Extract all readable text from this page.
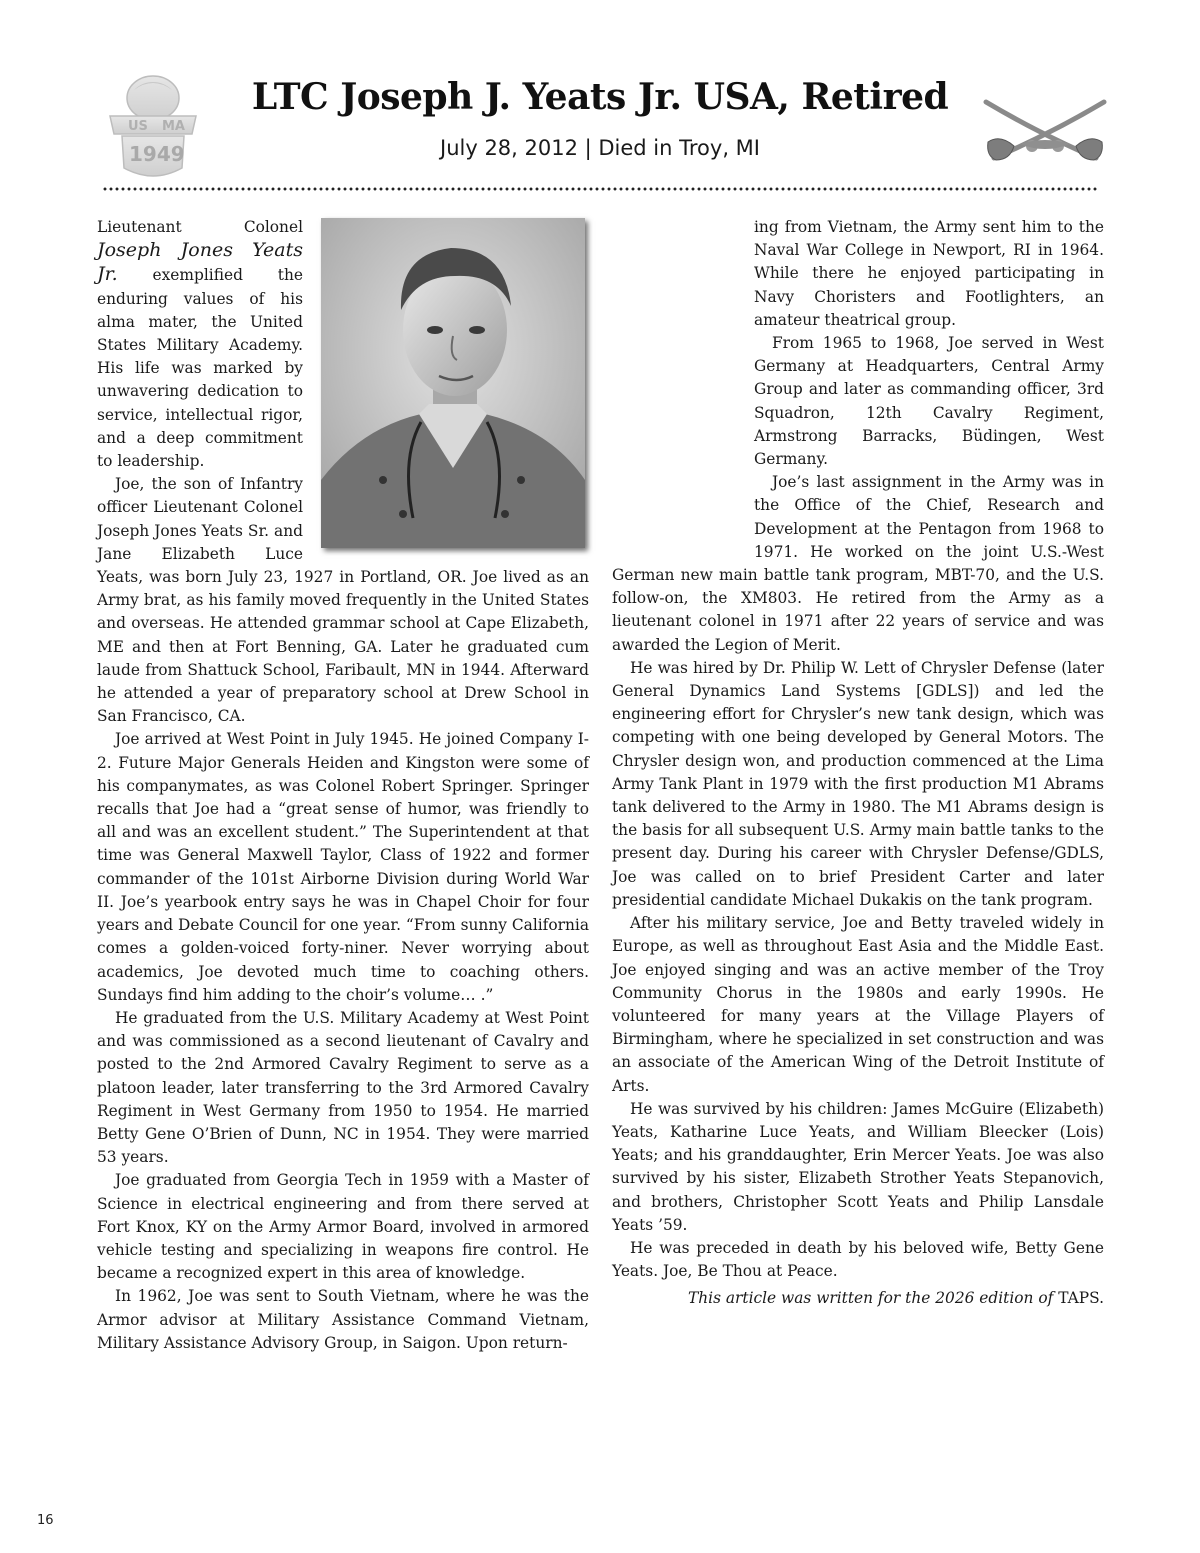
US MA
1949
LTC Joseph J. Yeats Jr. USA, Retired
July 28, 2012 | Died in Troy, MI

Lieutenant Colonel Joseph Jones Yeats Jr. exemplified the enduring values of his alma mater, the United States Military Academy. His life was marked by unwavering dedication to service, intellectual rigor, and a deep commitment to leadership.

Joe, the son of Infantry officer Lieutenant Colonel Joseph Jones Yeats Sr. and Jane Elizabeth Luce Yeats, was born July 23, 1927 in Portland, OR. Joe lived as an Army brat, as his family moved frequently in the United States and overseas. He attended grammar school at Cape Elizabeth, ME and then at Fort Benning, GA. Later he graduated cum laude from Shattuck School, Faribault, MN in 1944. Afterward he attended a year of preparatory school at Drew School in San Francisco, CA.

Joe arrived at West Point in July 1945. He joined Company I-2. Future Major Generals Heiden and Kingston were some of his companymates, as was Colonel Robert Springer. Springer recalls that Joe had a “great sense of humor, was friendly to all and was an excellent student.” The Superintendent at that time was General Maxwell Taylor, Class of 1922 and former commander of the 101st Airborne Division during World War II. Joe’s yearbook entry says he was in Chapel Choir for four years and Debate Council for one year. “From sunny California comes a golden-voiced forty-niner. Never worrying about academics, Joe devoted much time to coaching others. Sundays find him adding to the choir’s volume… .”

He graduated from the U.S. Military Academy at West Point and was commissioned as a second lieutenant of Cavalry and posted to the 2nd Armored Cavalry Regiment to serve as a platoon leader, later transferring to the 3rd Armored Cavalry Regiment in West Germany from 1950 to 1954. He married Betty Gene O’Brien of Dunn, NC in 1954. They were married 53 years.

Joe graduated from Georgia Tech in 1959 with a Master of Science in electrical engineering and from there served at Fort Knox, KY on the Army Armor Board, involved in armored vehicle testing and specializing in weapons fire control. He became a recognized expert in this area of knowledge.

In 1962, Joe was sent to South Vietnam, where he was the Armor advisor at Military Assistance Command Vietnam, Military Assistance Advisory Group, in Saigon. Upon return-

ing from Vietnam, the Army sent him to the Naval War College in Newport, RI in 1964. While there he enjoyed participating in Navy Choristers and Footlighters, an amateur theatrical group.

From 1965 to 1968, Joe served in West Germany at Headquarters, Central Army Group and later as commanding officer, 3rd Squadron, 12th Cavalry Regiment, Armstrong Barracks, Büdingen, West Germany.

Joe’s last assignment in the Army was in the Office of the Chief, Research and Development at the Pentagon from 1968 to 1971. He worked on the joint U.S.-West German new main battle tank program, MBT-70, and the U.S. follow-on, the XM803. He retired from the Army as a lieutenant colonel in 1971 after 22 years of service and was awarded the Legion of Merit.

He was hired by Dr. Philip W. Lett of Chrysler Defense (later General Dynamics Land Systems [GDLS]) and led the engineering effort for Chrysler’s new tank design, which was competing with one being developed by General Motors. The Chrysler design won, and production commenced at the Lima Army Tank Plant in 1979 with the first production M1 Abrams tank delivered to the Army in 1980. The M1 Abrams design is the basis for all subsequent U.S. Army main battle tanks to the present day. During his career with Chrysler Defense/GDLS, Joe was called on to brief President Carter and later presidential candidate Michael Dukakis on the tank program.

After his military service, Joe and Betty traveled widely in Europe, as well as throughout East Asia and the Middle East. Joe enjoyed singing and was an active member of the Troy Community Chorus in the 1980s and early 1990s. He volunteered for many years at the Village Players of Birmingham, where he specialized in set construction and was an associate of the American Wing of the Detroit Institute of Arts.

He was survived by his children: James McGuire (Elizabeth) Yeats, Katharine Luce Yeats, and William Bleecker (Lois) Yeats; and his granddaughter, Erin Mercer Yeats. Joe was also survived by his sister, Elizabeth Strother Yeats Stepanovich, and brothers, Christopher Scott Yeats and Philip Lansdale Yeats ’59.

He was preceded in death by his beloved wife, Betty Gene Yeats. Joe, Be Thou at Peace.

This article was written for the 2026 edition of TAPS.

16
